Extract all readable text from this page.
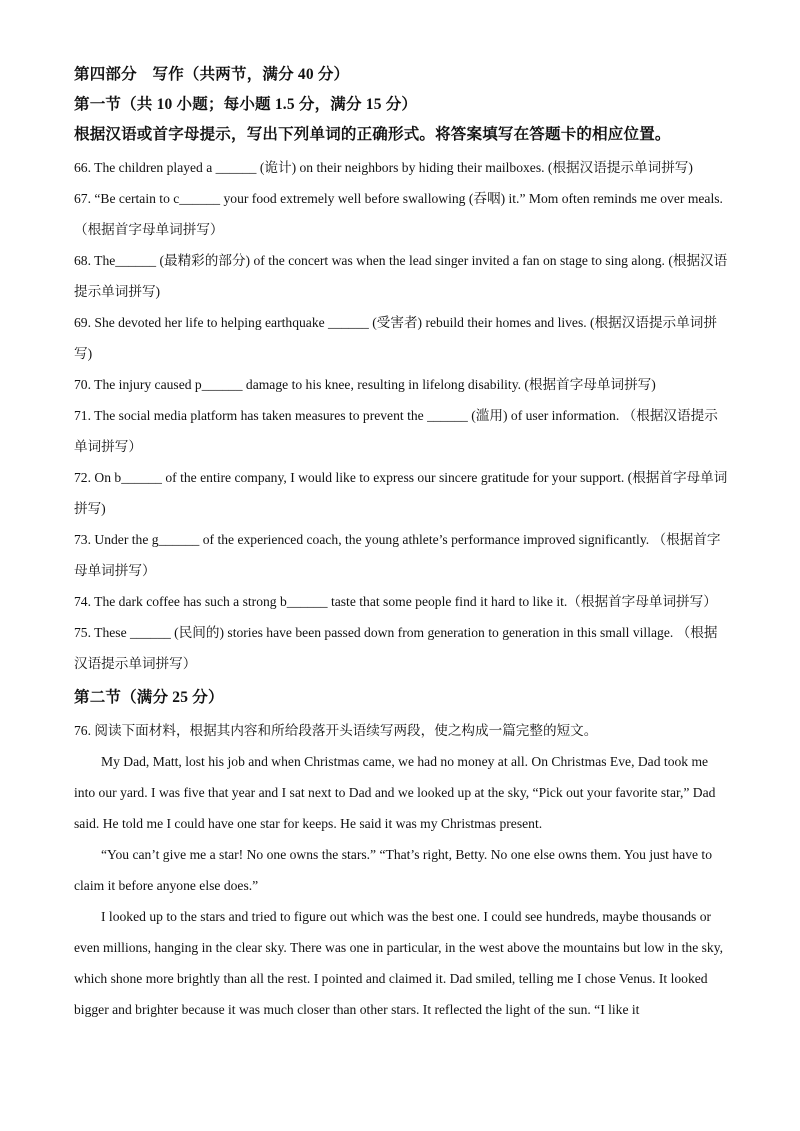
第四部分　写作（共两节，满分 40 分）
第一节（共 10 小题；每小题 1.5 分，满分 15 分）
根据汉语或首字母提示，写出下列单词的正确形式。将答案填写在答题卡的相应位置。

66. The children played a ______ (诡计) on their neighbors by hiding their mailboxes. (根据汉语提示单词拼写)

67. “Be certain to c______ your food extremely well before swallowing (吞咽) it.” Mom often reminds me over meals.（根据首字母单词拼写）

68. The______ (最精彩的部分) of the concert was when the lead singer invited a fan on stage to sing along. (根据汉语提示单词拼写)

69. She devoted her life to helping earthquake ______ (受害者) rebuild their homes and lives. (根据汉语提示单词拼写)

70. The injury caused p______ damage to his knee, resulting in lifelong disability. (根据首字母单词拼写)

71. The social media platform has taken measures to prevent the ______ (滥用) of user information. （根据汉语提示单词拼写）

72. On b______ of the entire company, I would like to express our sincere gratitude for your support. (根据首字母单词拼写)

73. Under the g______ of the experienced coach, the young athlete’s performance improved significantly. （根据首字母单词拼写）

74. The dark coffee has such a strong b______ taste that some people find it hard to like it.（根据首字母单词拼写）

75. These ______ (民间的) stories have been passed down from generation to generation in this small village. （根据汉语提示单词拼写）

第二节（满分 25 分）

76. 阅读下面材料，根据其内容和所给段落开头语续写两段，使之构成一篇完整的短文。

My Dad, Matt, lost his job and when Christmas came, we had no money at all. On Christmas Eve, Dad took me into our yard. I was five that year and I sat next to Dad and we looked up at the sky, “Pick out your favorite star,” Dad said. He told me I could have one star for keeps. He said it was my Christmas present.

“You can’t give me a star! No one owns the stars.” “That’s right, Betty. No one else owns them. You just have to claim it before anyone else does.”

I looked up to the stars and tried to figure out which was the best one. I could see hundreds, maybe thousands or even millions, hanging in the clear sky. There was one in particular, in the west above the mountains but low in the sky, which shone more brightly than all the rest. I pointed and claimed it. Dad smiled, telling me I chose Venus. It looked bigger and brighter because it was much closer than other stars. It reflected the light of the sun. “I like it
